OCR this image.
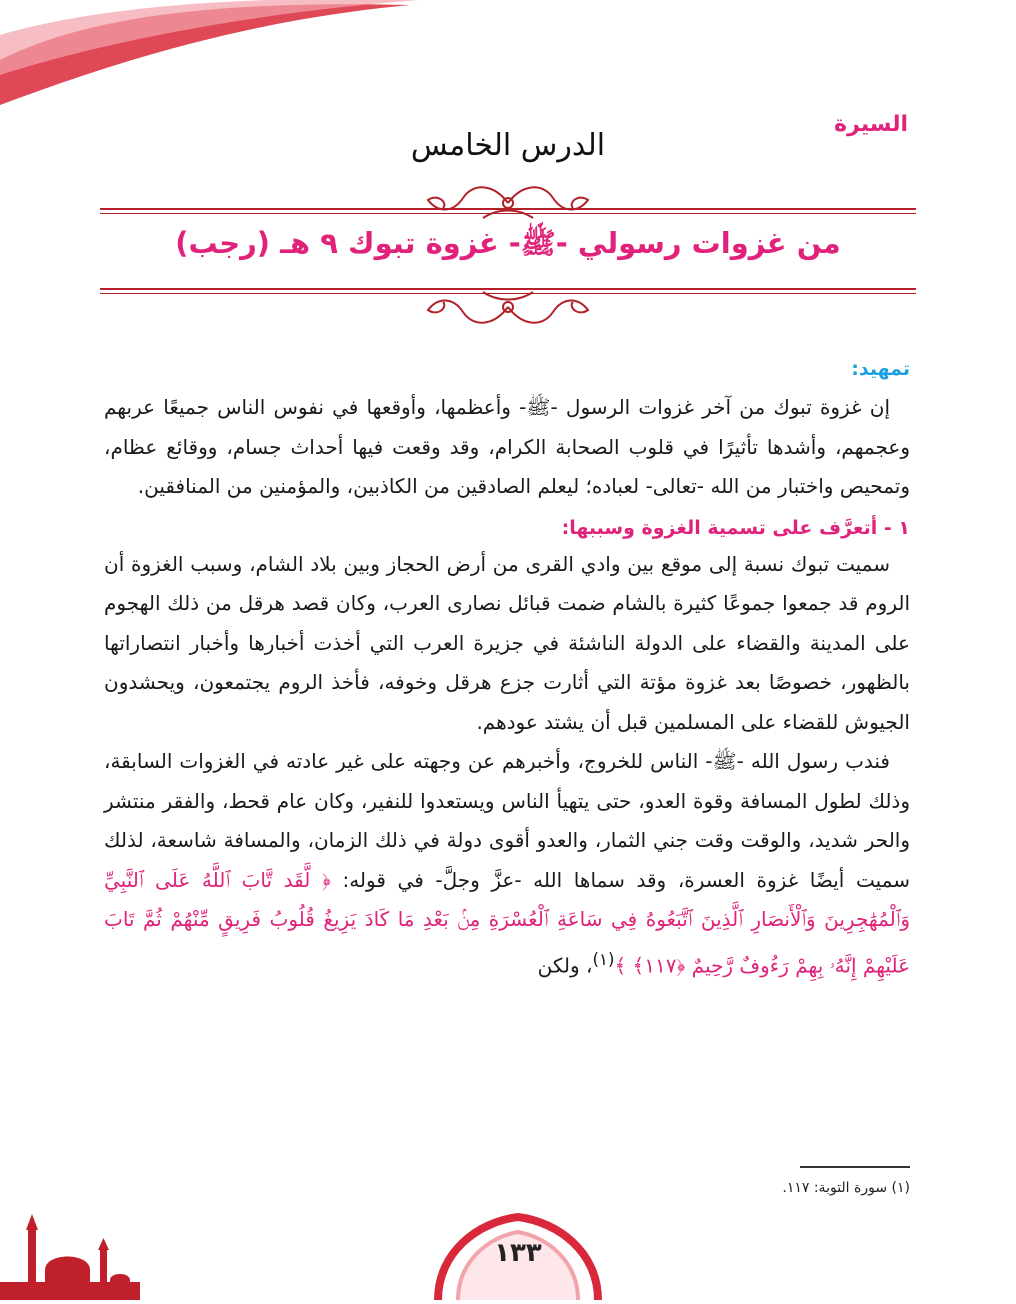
السيرة
الدرس الخامس
من غزوات رسولي -ﷺ- غزوة تبوك ٩ هـ (رجب)
تمهيد:

إن غزوة تبوك من آخر غزوات الرسول -ﷺ- وأعظمها، وأوقعها في نفوس الناس جميعًا عربهم وعجمهم، وأشدها تأثيرًا في قلوب الصحابة الكرام، وقد وقعت فيها أحداث جسام، ووقائع عظام، وتمحيص واختبار من الله -تعالى- لعباده؛ ليعلم الصادقين من الكاذبين، والمؤمنين من المنافقين.

١ - أتعرَّف على تسمية الغزوة وسببها:

سميت تبوك نسبة إلى موقع بين وادي القرى من أرض الحجاز وبين بلاد الشام، وسبب الغزوة أن الروم قد جمعوا جموعًا كثيرة بالشام ضمت قبائل نصارى العرب، وكان قصد هرقل من ذلك الهجوم على المدينة والقضاء على الدولة الناشئة في جزيرة العرب التي أخذت أخبارها وأخبار انتصاراتها بالظهور، خصوصًا بعد غزوة مؤتة التي أثارت جزع هرقل وخوفه، فأخذ الروم يجتمعون، ويحشدون الجيوش للقضاء على المسلمين قبل أن يشتد عودهم.

فندب رسول الله -ﷺ- الناس للخروج، وأخبرهم عن وجهته على غير عادته في الغزوات السابقة، وذلك لطول المسافة وقوة العدو، حتى يتهيأ الناس ويستعدوا للنفير، وكان عام قحط، والفقر منتشر والحر شديد، والوقت وقت جني الثمار، والعدو أقوى دولة في ذلك الزمان، والمسافة شاسعة، لذلك سميت أيضًا غزوة العسرة، وقد سماها الله -عزَّ وجلَّ- في قوله: ﴿ لَّقَد تَّابَ ٱللَّهُ عَلَى ٱلنَّبِيِّ وَٱلْمُهَٰجِرِينَ وَٱلْأَنصَارِ ٱلَّذِينَ ٱتَّبَعُوهُ فِي سَاعَةِ ٱلْعُسْرَةِ مِنۢ بَعْدِ مَا كَادَ يَزِيغُ قُلُوبُ فَرِيقٍ مِّنْهُمْ ثُمَّ تَابَ عَلَيْهِمْ إِنَّهُۥ بِهِمْ رَءُوفٌ رَّحِيمٌ ﴿١١٧﴾ ﴾$^{(١)}$، ولكن

(١) سورة التوبة: ١١٧.
١٣٣
